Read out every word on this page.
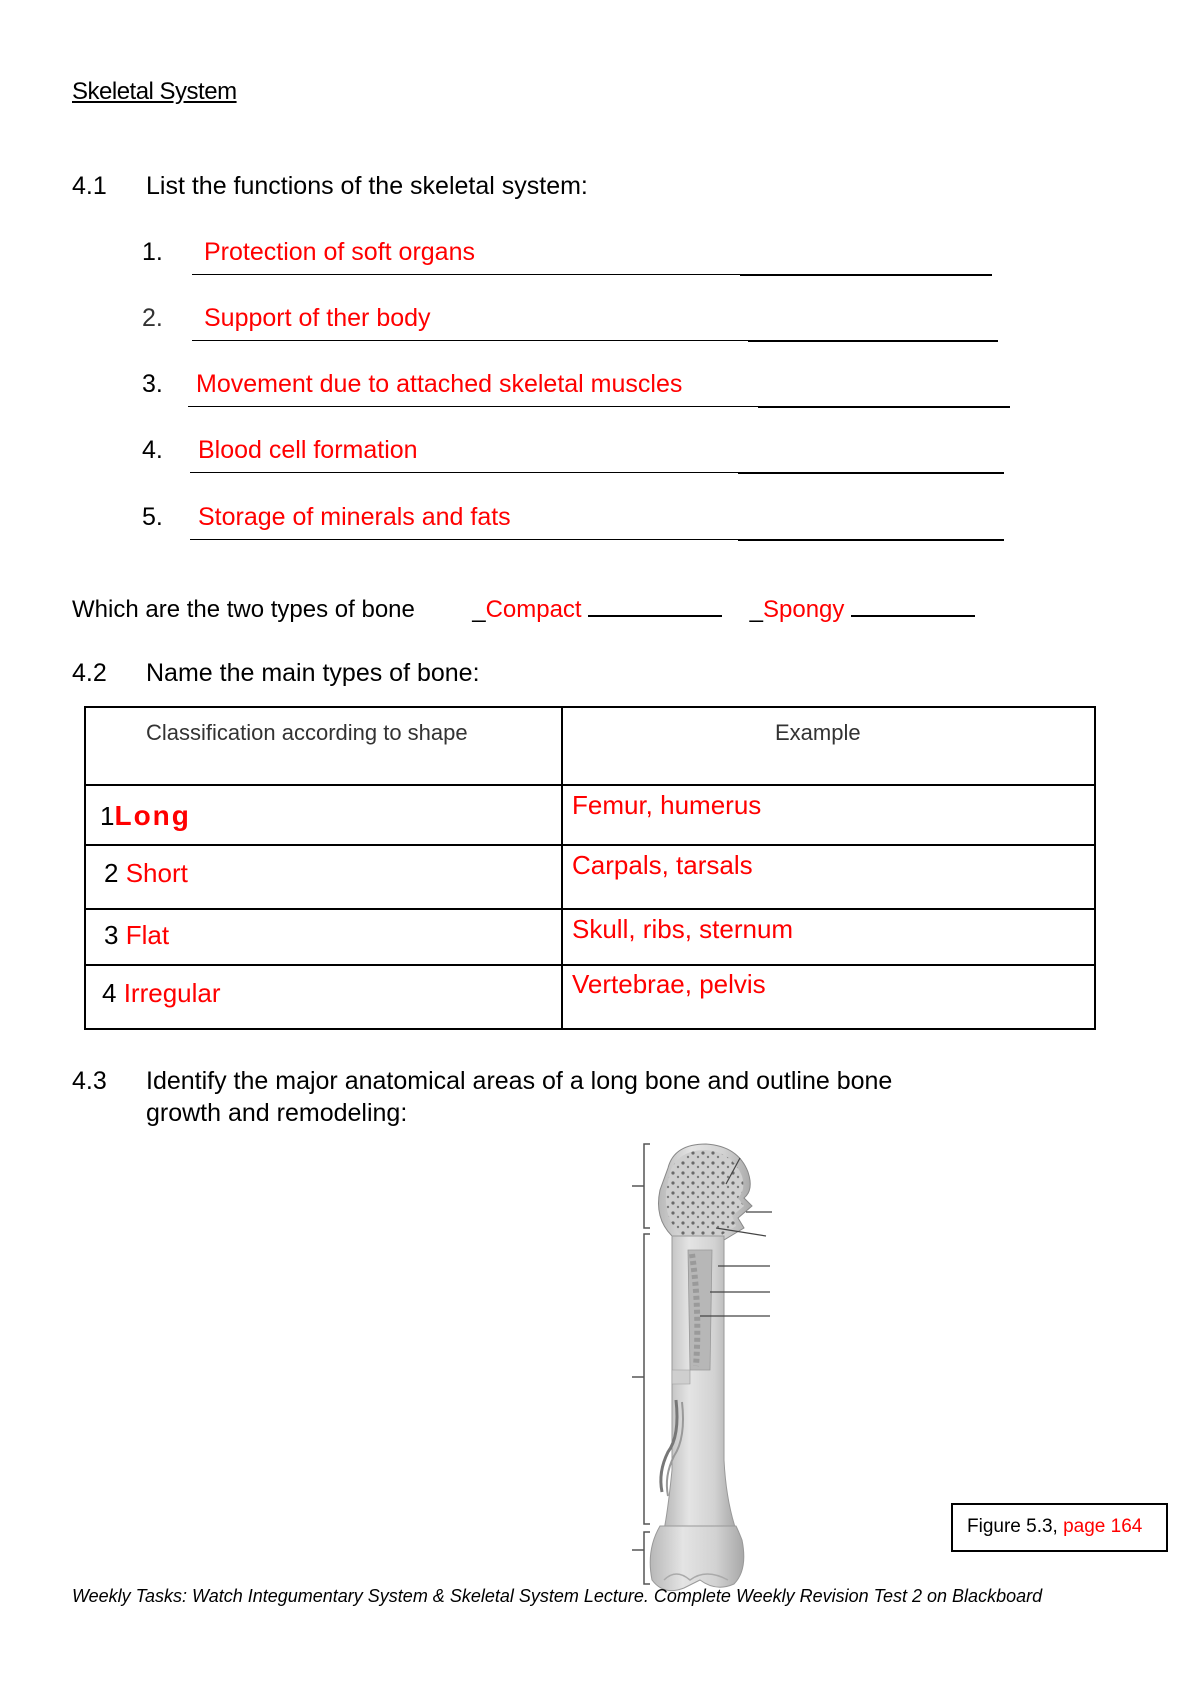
Skeletal System
4.1 List the functions of the skeletal system:
1. Protection of soft organs
2. Support of ther body
3. Movement due to attached skeletal muscles
4. Blood cell formation
5. Storage of minerals and fats
Which are the two types of bone _Compact	_Spongy
4.2 Name the main types of bone:
Classification according to shape	Example

1Long	Femur, humerus

2 Short	Carpals, tarsals

3 Flat	Skull, ribs, sternum

4 Irregular	Vertebrae, pelvis
4.3 Identify the major anatomical areas of a long bone and outline bone
growth and remodeling:
Figure 5.3, page 164
Weekly Tasks: Watch Integumentary System & Skeletal System Lecture. Complete Weekly Revision Test 2 on Blackboard
